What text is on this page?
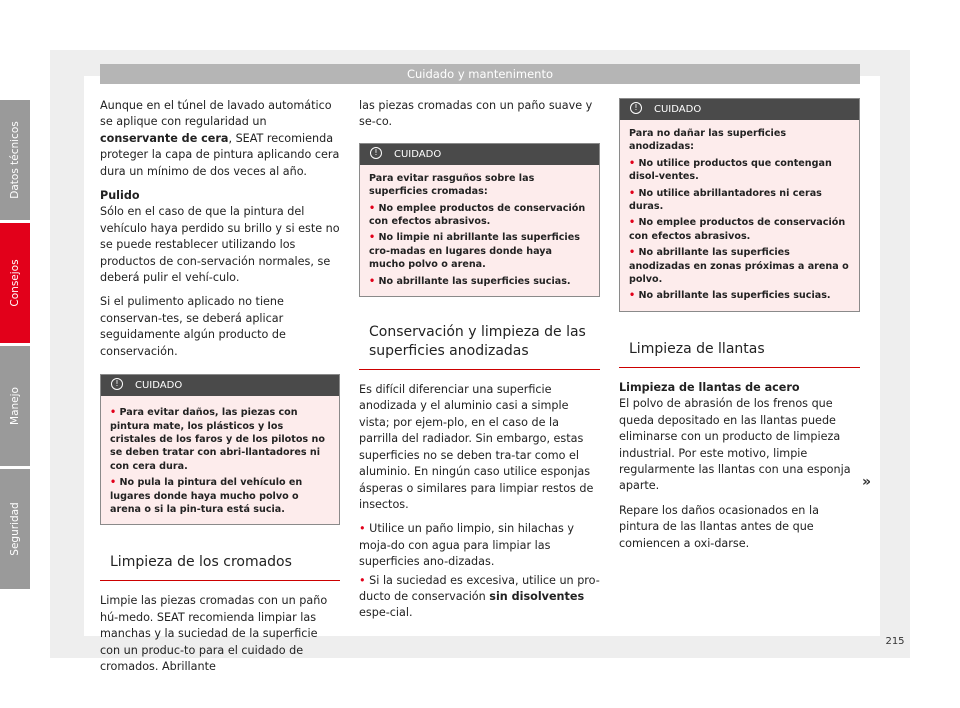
Cuidado y mantenimento

Aunque en el túnel de lavado automático se aplique con regularidad un conservante de cera, SEAT recomienda proteger la capa de pintura aplicando cera dura un mínimo de dos veces al año.

Pulido

Sólo en el caso de que la pintura del vehículo haya perdido su brillo y si este no se puede restablecer utilizando los productos de con-servación normales, se deberá pulir el vehí-culo.

Si el pulimento aplicado no tiene conservan-tes, se deberá aplicar seguidamente algún producto de conservación.

! CUIDADO
• Para evitar daños, las piezas con pintura mate, los plásticos y los cristales de los faros y de los pilotos no se deben tratar con abri-llantadores ni con cera dura.
• No pula la pintura del vehículo en lugares donde haya mucho polvo o arena o si la pin-tura está sucia.
Limpieza de los cromados

Limpie las piezas cromadas con un paño hú-medo. SEAT recomienda limpiar las manchas y la suciedad de la superficie con un produc-to para el cuidado de cromados. Abrillante

las piezas cromadas con un paño suave y se-co.

! CUIDADO
Para evitar rasguños sobre las superficies cromadas:
• No emplee productos de conservación con efectos abrasivos.
• No limpie ni abrillante las superficies cro-madas en lugares donde haya mucho polvo o arena.
• No abrillante las superficies sucias.
Conservación y limpieza de las superficies anodizadas

Es difícil diferenciar una superficie anodizada y el aluminio casi a simple vista; por ejem-plo, en el caso de la parrilla del radiador. Sin embargo, estas superficies no se deben tra-tar como el aluminio. En ningún caso utilice esponjas ásperas o similares para limpiar restos de insectos.

• Utilice un paño limpio, sin hilachas y moja-do con agua para limpiar las superficies ano-dizadas.

• Si la suciedad es excesiva, utilice un pro-ducto de conservación sin disolventes espe-cial.

! CUIDADO
Para no dañar las superficies anodizadas:
• No utilice productos que contengan disol-ventes.
• No utilice abrillantadores ni ceras duras.
• No emplee productos de conservación con efectos abrasivos.
• No abrillante las superficies anodizadas en zonas próximas a arena o polvo.
• No abrillante las superficies sucias.
Limpieza de llantas

Limpieza de llantas de acero

El polvo de abrasión de los frenos que queda depositado en las llantas puede eliminarse con un producto de limpieza industrial. Por este motivo, limpie regularmente las llantas con una esponja aparte.

Repare los daños ocasionados en la pintura de las llantas antes de que comiencen a oxi-darse.

»
Datos técnicos
Consejos
Manejo
Seguridad
215
